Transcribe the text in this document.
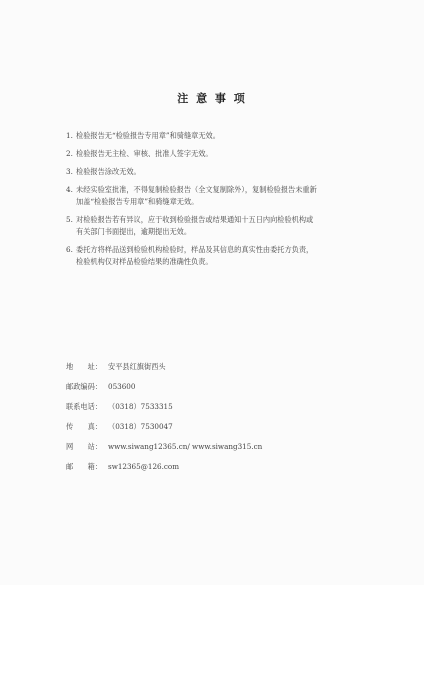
注 意 事 项
1. 检验报告无“检验报告专用章”和骑缝章无效。
2. 检验报告无主检、审核、批准人签字无效。
3. 检验报告涂改无效。
4. 未经实验室批准，不得复制检验报告（全文复制除外），复制检验报告未重新
加盖“检验报告专用章”和骑缝章无效。
5. 对检验报告若有异议，应于收到检验报告或结果通知十五日内向检验机构或
有关部门书面提出，逾期提出无效。
6. 委托方将样品送到检验机构检验时，样品及其信息的真实性由委托方负责，
检验机构仅对样品检验结果的准确性负责。
地　　址： 安平县红旗街西头
邮政编码： 053600
联系电话： （0318）7533315
传　　真： （0318）7530047
网　　站： www.siwang12365.cn/ www.siwang315.cn
邮　　箱： sw12365@126.com
